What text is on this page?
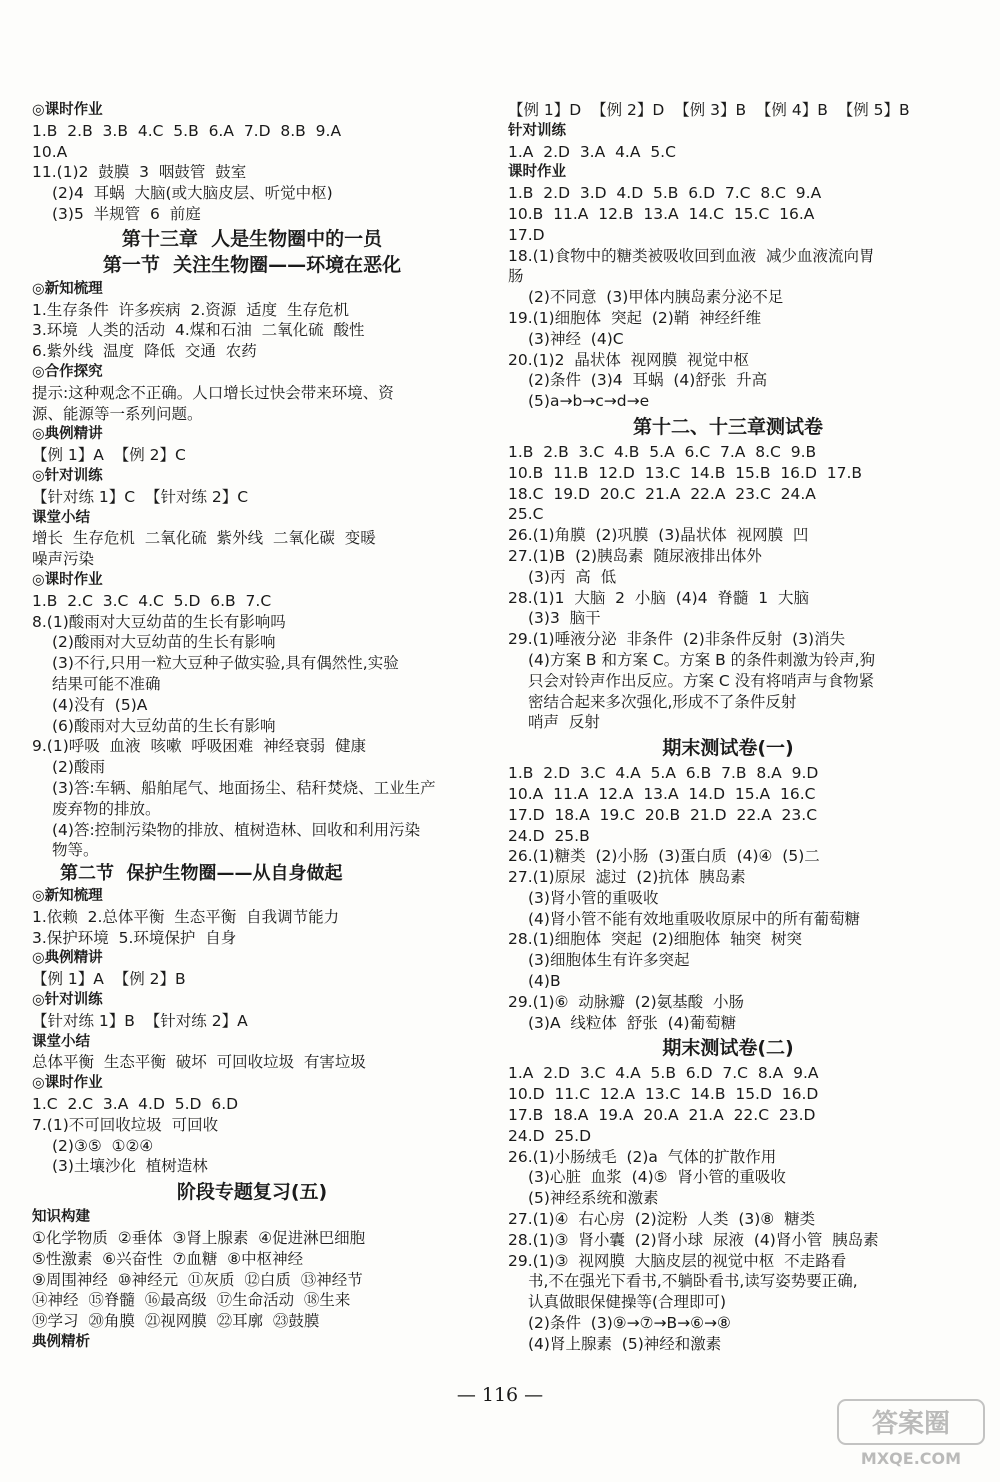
◎课时作业
1.B  2.B  3.B  4.C  5.B  6.A  7.D  8.B  9.A
10.A
11.(1)2  鼓膜  3  咽鼓管  鼓室
(2)4  耳蜗  大脑(或大脑皮层、听觉中枢)
(3)5  半规管  6  前庭
第十三章  人是生物圈中的一员
第一节  关注生物圈——环境在恶化
◎新知梳理
1.生存条件  许多疾病  2.资源  适度  生存危机
3.环境  人类的活动  4.煤和石油  二氧化硫  酸性
6.紫外线  温度  降低  交通  农药
◎合作探究
提示:这种观念不正确。人口增长过快会带来环境、资
源、能源等一系列问题。
◎典例精讲
【例 1】A  【例 2】C
◎针对训练
【针对练 1】C  【针对练 2】C
课堂小结
增长  生存危机  二氧化硫  紫外线  二氧化碳  变暖
噪声污染
◎课时作业
1.B  2.C  3.C  4.C  5.D  6.B  7.C
8.(1)酸雨对大豆幼苗的生长有影响吗
(2)酸雨对大豆幼苗的生长有影响
(3)不行,只用一粒大豆种子做实验,具有偶然性,实验
结果可能不准确
(4)没有  (5)A
(6)酸雨对大豆幼苗的生长有影响
9.(1)呼吸  血液  咳嗽  呼吸困难  神经衰弱  健康
(2)酸雨
(3)答:车辆、船舶尾气、地面扬尘、秸秆焚烧、工业生产
废弃物的排放。
(4)答:控制污染物的排放、植树造林、回收和利用污染
物等。
第二节  保护生物圈——从自身做起
◎新知梳理
1.依赖  2.总体平衡  生态平衡  自我调节能力
3.保护环境  5.环境保护  自身
◎典例精讲
【例 1】A  【例 2】B
◎针对训练
【针对练 1】B  【针对练 2】A
课堂小结
总体平衡  生态平衡  破坏  可回收垃圾  有害垃圾
◎课时作业
1.C  2.C  3.A  4.D  5.D  6.D
7.(1)不可回收垃圾  可回收
(2)③⑤  ①②④
(3)土壤沙化  植树造林
阶段专题复习(五)
知识构建
①化学物质  ②垂体  ③肾上腺素  ④促进淋巴细胞
⑤性激素  ⑥兴奋性  ⑦血糖  ⑧中枢神经
⑨周围神经  ⑩神经元  ⑪灰质  ⑫白质  ⑬神经节
⑭神经  ⑮脊髓  ⑯最高级  ⑰生命活动  ⑱生来
⑲学习  ⑳角膜  ㉑视网膜  ㉒耳廓  ㉓鼓膜
典例精析
【例 1】D  【例 2】D  【例 3】B  【例 4】B  【例 5】B
针对训练
1.A  2.D  3.A  4.A  5.C
课时作业
1.B  2.D  3.D  4.D  5.B  6.D  7.C  8.C  9.A
10.B  11.A  12.B  13.A  14.C  15.C  16.A
17.D
18.(1)食物中的糖类被吸收回到血液  减少血液流向胃
肠
(2)不同意  (3)甲体内胰岛素分泌不足
19.(1)细胞体  突起  (2)鞘  神经纤维
(3)神经  (4)C
20.(1)2  晶状体  视网膜  视觉中枢
(2)条件  (3)4  耳蜗  (4)舒张  升高
(5)a→b→c→d→e
第十二、十三章测试卷
1.B  2.B  3.C  4.B  5.A  6.C  7.A  8.C  9.B
10.B  11.B  12.D  13.C  14.B  15.B  16.D  17.B
18.C  19.D  20.C  21.A  22.A  23.C  24.A
25.C
26.(1)角膜  (2)巩膜  (3)晶状体  视网膜  凹
27.(1)B  (2)胰岛素  随尿液排出体外
(3)丙  高  低
28.(1)1  大脑  2  小脑  (4)4  脊髓  1  大脑
(3)3  脑干
29.(1)唾液分泌  非条件  (2)非条件反射  (3)消失
(4)方案 B 和方案 C。方案 B 的条件刺激为铃声,狗
只会对铃声作出反应。方案 C 没有将哨声与食物紧
密结合起来多次强化,形成不了条件反射
哨声  反射
期末测试卷(一)
1.B  2.D  3.C  4.A  5.A  6.B  7.B  8.A  9.D
10.A  11.A  12.A  13.A  14.D  15.A  16.C
17.D  18.A  19.C  20.B  21.D  22.A  23.C
24.D  25.B
26.(1)糖类  (2)小肠  (3)蛋白质  (4)④  (5)二
27.(1)原尿  滤过  (2)抗体  胰岛素
(3)肾小管的重吸收
(4)肾小管不能有效地重吸收原尿中的所有葡萄糖
28.(1)细胞体  突起  (2)细胞体  轴突  树突
(3)细胞体生有许多突起
(4)B
29.(1)⑥  动脉瓣  (2)氨基酸  小肠
(3)A  线粒体  舒张  (4)葡萄糖
期末测试卷(二)
1.A  2.D  3.C  4.A  5.B  6.D  7.C  8.A  9.A
10.D  11.C  12.A  13.C  14.B  15.D  16.D
17.B  18.A  19.A  20.A  21.A  22.C  23.D
24.D  25.D
26.(1)小肠绒毛  (2)a  气体的扩散作用
(3)心脏  血浆  (4)⑤  肾小管的重吸收
(5)神经系统和激素
27.(1)④  右心房  (2)淀粉  人类  (3)⑧  糖类
28.(1)③  肾小囊  (2)肾小球  尿液  (4)肾小管  胰岛素
29.(1)③  视网膜  大脑皮层的视觉中枢  不走路看
书,不在强光下看书,不躺卧看书,读写姿势要正确,
认真做眼保健操等(合理即可)
(2)条件  (3)⑨→⑦→B→⑥→⑧
(4)肾上腺素  (5)神经和激素
— 116 —
答案圈
MXQE.COM
